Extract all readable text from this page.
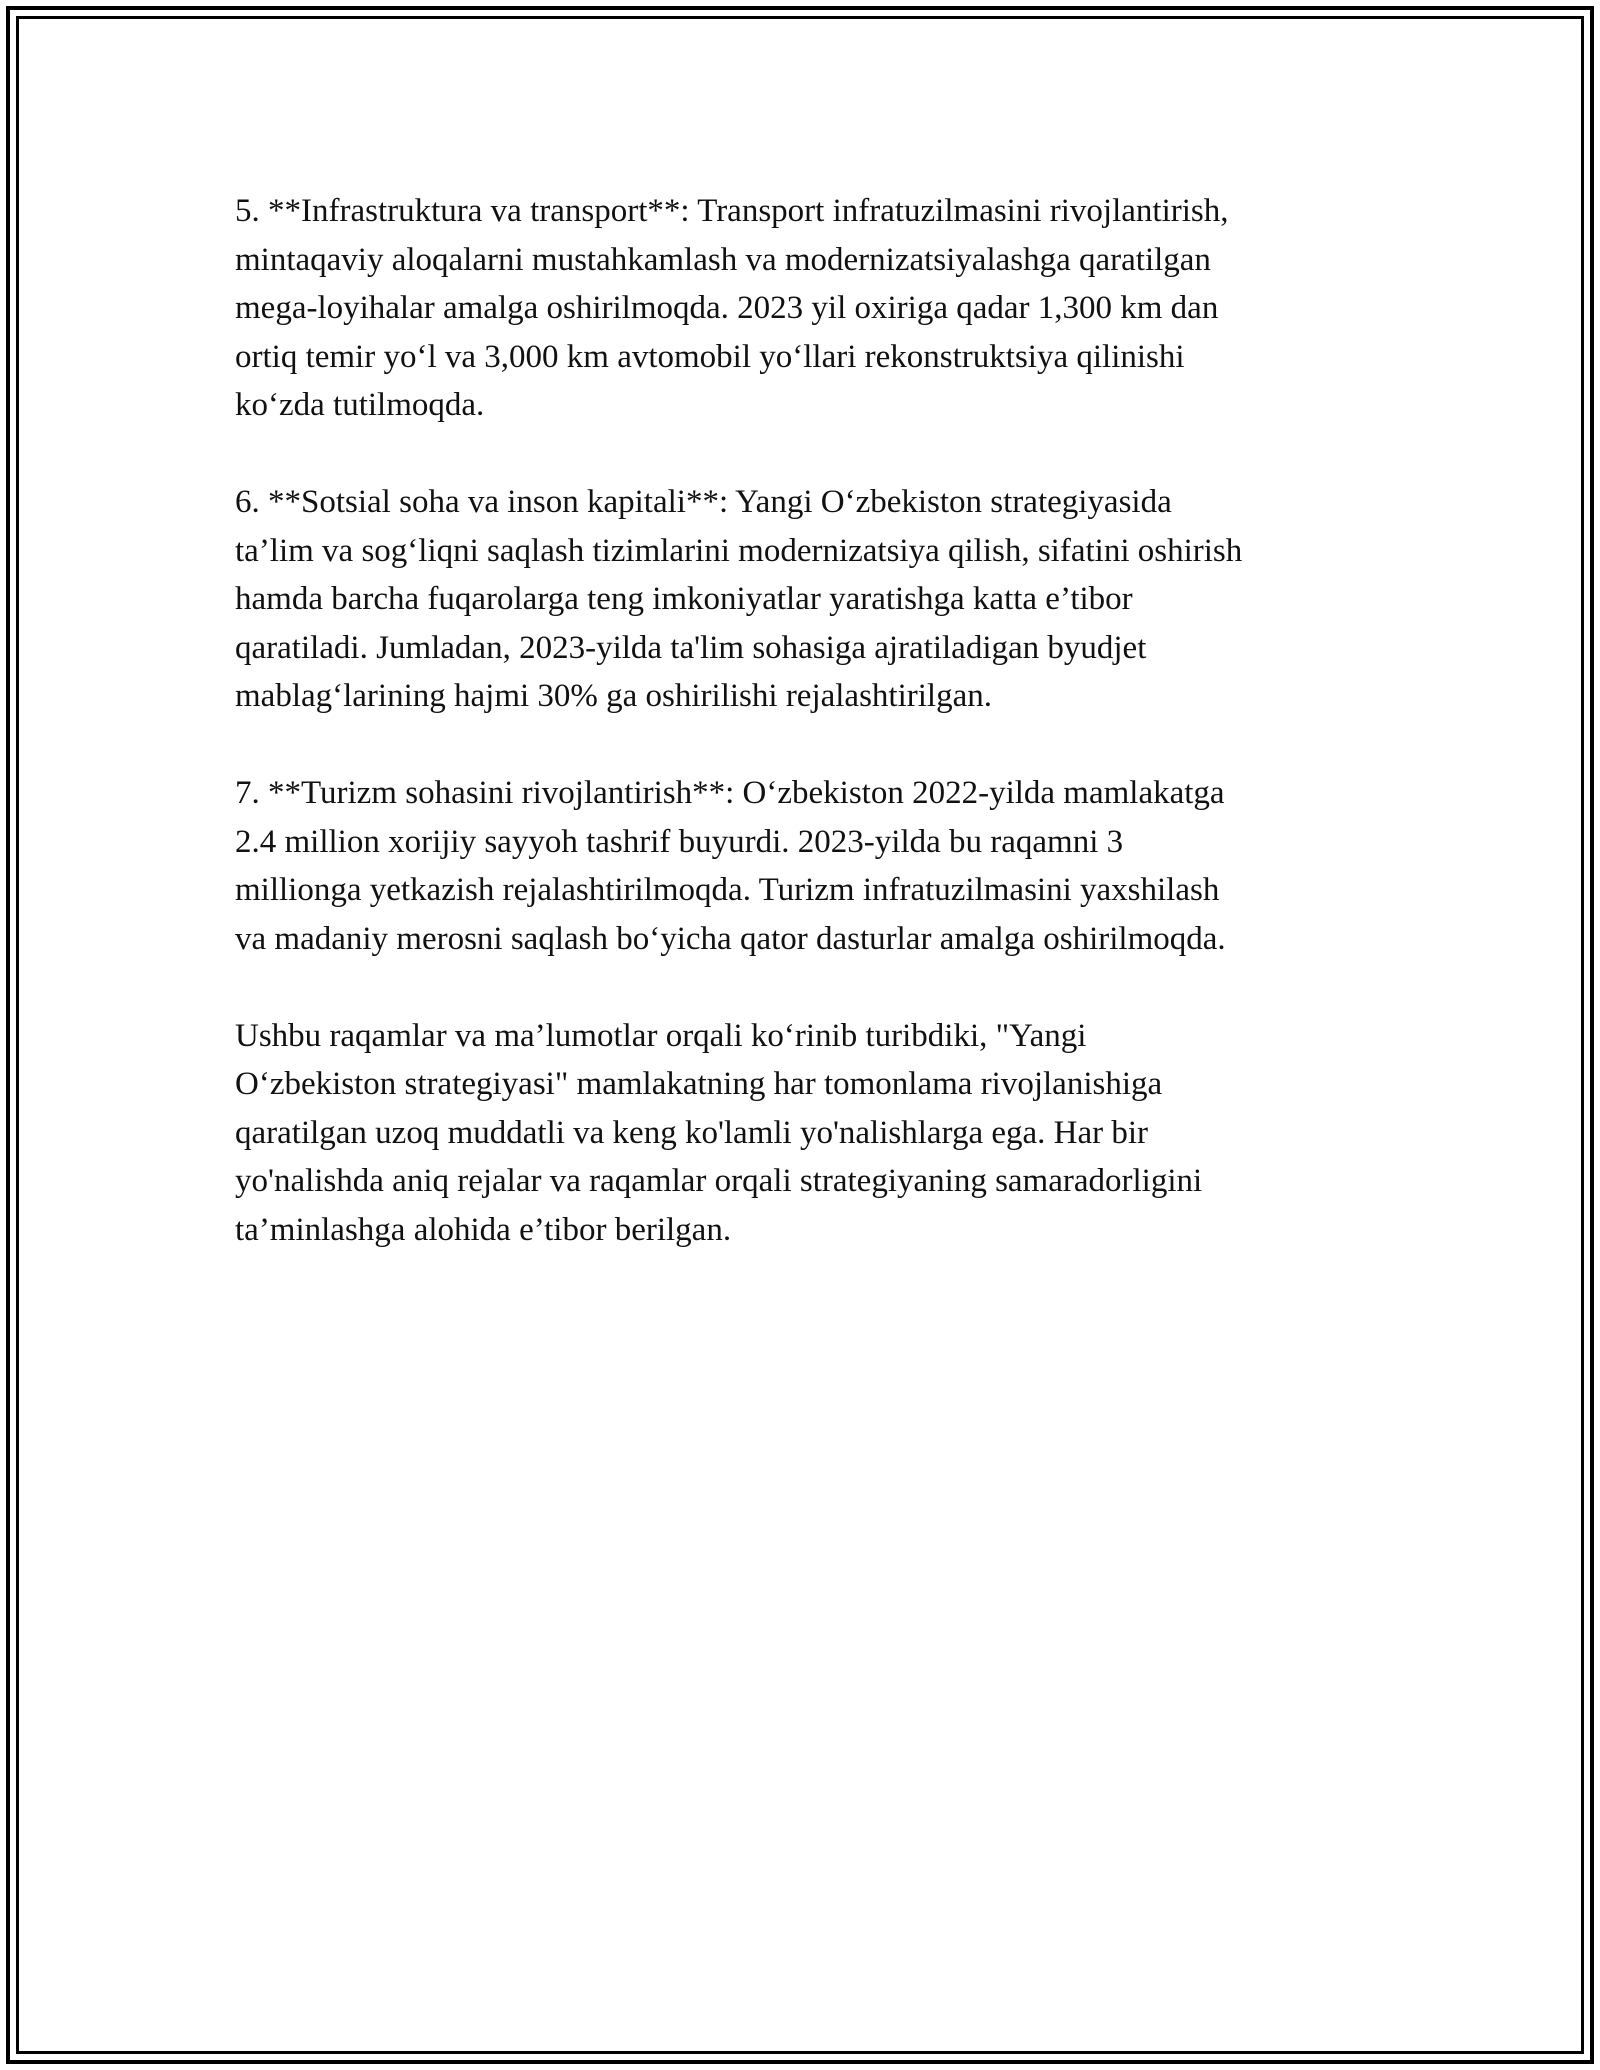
5. **Infrastruktura va transport**: Transport infratuzilmasini rivojlantirish,
mintaqaviy aloqalarni mustahkamlash va modernizatsiyalashga qaratilgan
mega-loyihalar amalga oshirilmoqda. 2023 yil oxiriga qadar 1,300 km dan
ortiq temir yo‘l va 3,000 km avtomobil yo‘llari rekonstruktsiya qilinishi
ko‘zda tutilmoqda.

6. **Sotsial soha va inson kapitali**: Yangi O‘zbekiston strategiyasida
ta’lim va sog‘liqni saqlash tizimlarini modernizatsiya qilish, sifatini oshirish
hamda barcha fuqarolarga teng imkoniyatlar yaratishga katta e’tibor
qaratiladi. Jumladan, 2023-yilda ta'lim sohasiga ajratiladigan byudjet
mablag‘larining hajmi 30% ga oshirilishi rejalashtirilgan.

7. **Turizm sohasini rivojlantirish**: O‘zbekiston 2022-yilda mamlakatga
2.4 million xorijiy sayyoh tashrif buyurdi. 2023-yilda bu raqamni 3
millionga yetkazish rejalashtirilmoqda. Turizm infratuzilmasini yaxshilash
va madaniy merosni saqlash bo‘yicha qator dasturlar amalga oshirilmoqda.

Ushbu raqamlar va ma’lumotlar orqali ko‘rinib turibdiki, "Yangi
O‘zbekiston strategiyasi" mamlakatning har tomonlama rivojlanishiga
qaratilgan uzoq muddatli va keng ko'lamli yo'nalishlarga ega. Har bir
yo'nalishda aniq rejalar va raqamlar orqali strategiyaning samaradorligini
ta’minlashga alohida e’tibor berilgan.
